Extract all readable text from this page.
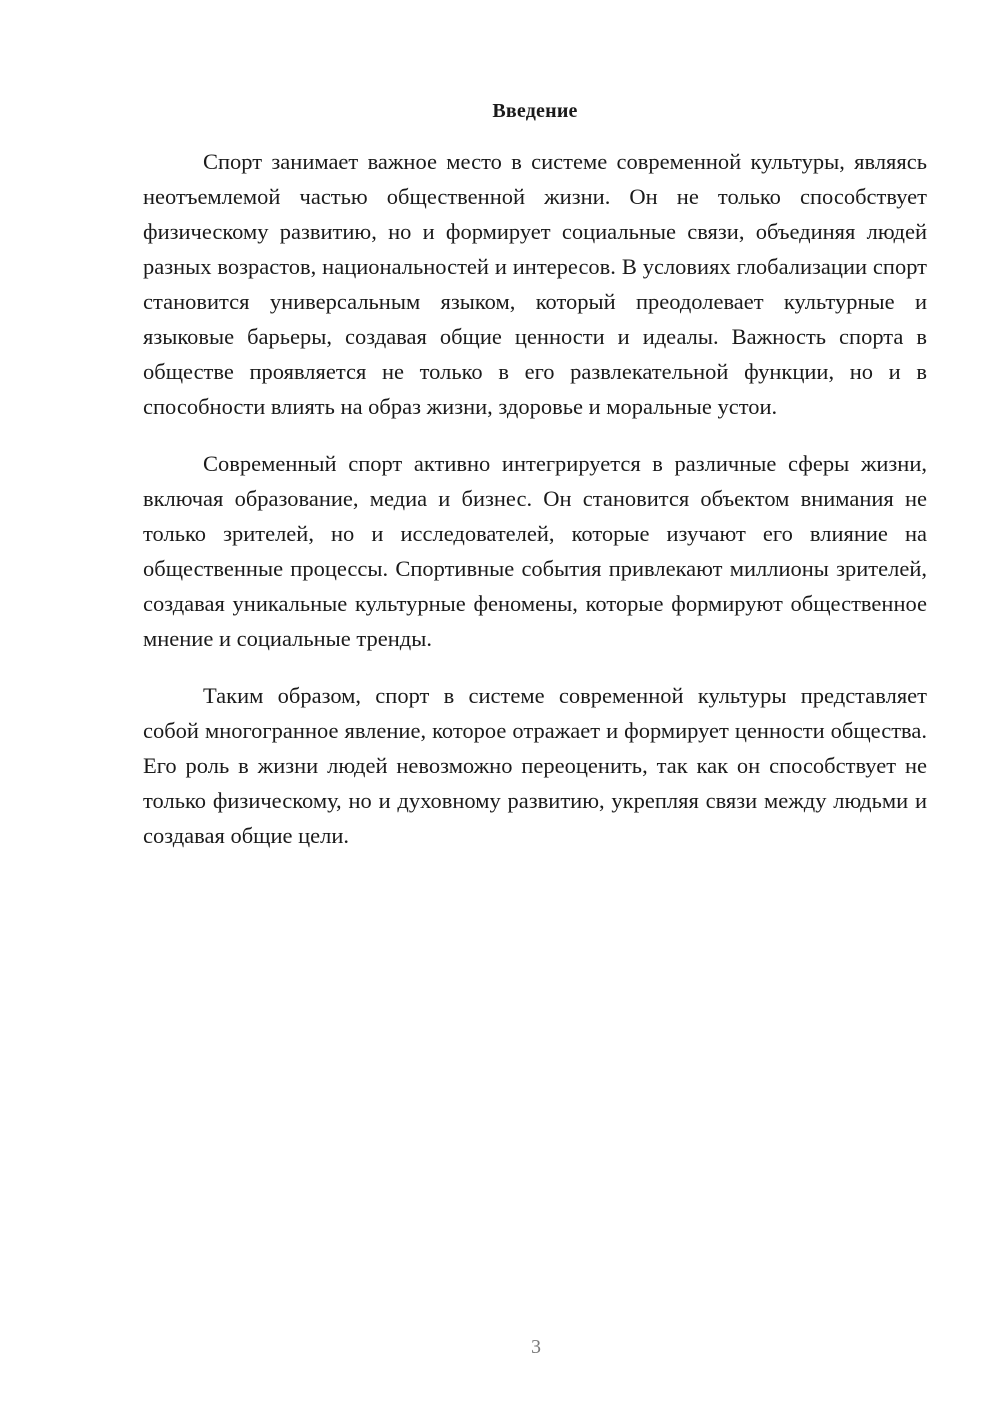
Введение

Спорт занимает важное место в системе современной культуры, являясь неотъемлемой частью общественной жизни. Он не только способствует физическому развитию, но и формирует социальные связи, объединяя людей разных возрастов, национальностей и интересов. В условиях глобализации спорт становится универсальным языком, который преодолевает культурные и языковые барьеры, создавая общие ценности и идеалы. Важность спорта в обществе проявляется не только в его развлекательной функции, но и в способности влиять на образ жизни, здоровье и моральные устои.

Современный спорт активно интегрируется в различные сферы жизни, включая образование, медиа и бизнес. Он становится объектом внимания не только зрителей, но и исследователей, которые изучают его влияние на общественные процессы. Спортивные события привлекают миллионы зрителей, создавая уникальные культурные феномены, которые формируют общественное мнение и социальные тренды.

Таким образом, спорт в системе современной культуры представляет собой многогранное явление, которое отражает и формирует ценности общества. Его роль в жизни людей невозможно переоценить, так как он способствует не только физическому, но и духовному развитию, укрепляя связи между людьми и создавая общие цели.

3
